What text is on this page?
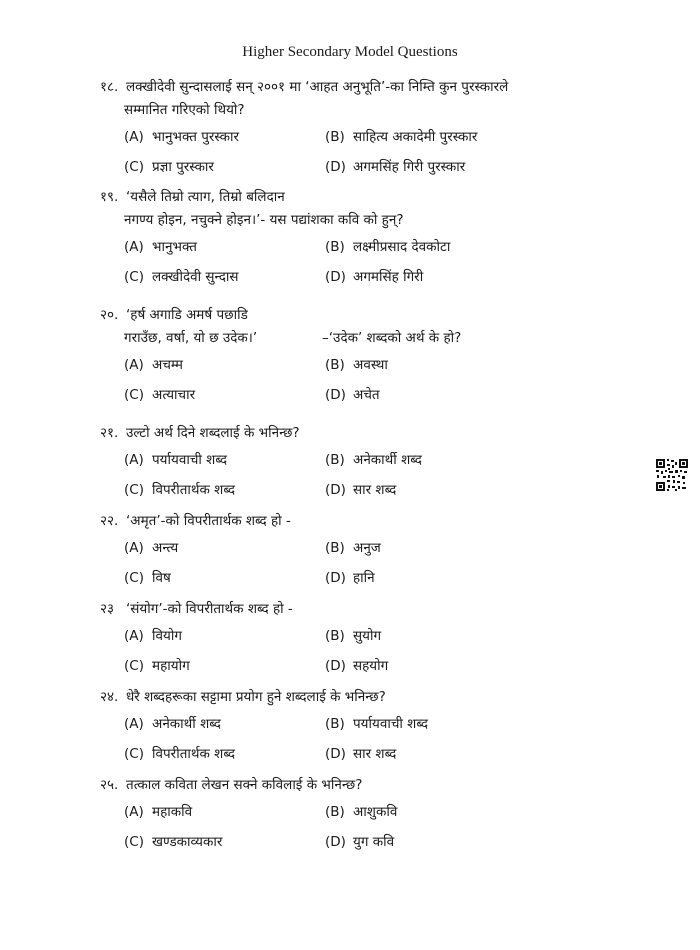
Higher Secondary Model Questions
१८. लक्खीदेवी सुन्दासलाई सन् २००१ मा ‘आहत अनुभूति’-का निम्ति कुन पुरस्कारले
सम्मानित गरिएको थियो?
(A) भानुभक्त पुरस्कार	(B) साहित्य अकादेमी पुरस्कार
(C) प्रज्ञा पुरस्कार	(D) अगमसिंह गिरी पुरस्कार
१९. ‘यसैले तिम्रो त्याग, तिम्रो बलिदान
नगण्य होइन, नचुक्ने होइन।’- यस पद्यांशका कवि को हुन्?
(A) भानुभक्त	(B) लक्ष्मीप्रसाद देवकोटा
(C) लक्खीदेवी सुन्दास	(D) अगमसिंह गिरी
२०. ‘हर्ष अगाडि अमर्ष पछाडि
गराउँछ, वर्षा, यो छ उदेक।’	–‘उदेक’ शब्दको अर्थ के हो?
(A) अचम्म	(B) अवस्था
(C) अत्याचार	(D) अचेत
२१. उल्टो अर्थ दिने शब्दलाई के भनिन्छ?
(A) पर्यायवाची शब्द	(B) अनेकार्थी शब्द
(C) विपरीतार्थक शब्द	(D) सार शब्द
२२. ‘अमृत’-को विपरीतार्थक शब्द हो -
(A) अन्त्य	(B) अनुज
(C) विष	(D) हानि
२३ ‘संयोग’-को विपरीतार्थक शब्द हो -
(A) वियोग	(B) सुयोग
(C) महायोग	(D) सहयोग
२४. धेरै शब्दहरूका सट्टामा प्रयोग हुने शब्दलाई के भनिन्छ?
(A) अनेकार्थी शब्द	(B) पर्यायवाची शब्द
(C) विपरीतार्थक शब्द	(D) सार शब्द
२५. तत्काल कविता लेखन सक्ने कविलाई के भनिन्छ?
(A) महाकवि	(B) आशुकवि
(C) खण्डकाव्यकार	(D) युग कवि
